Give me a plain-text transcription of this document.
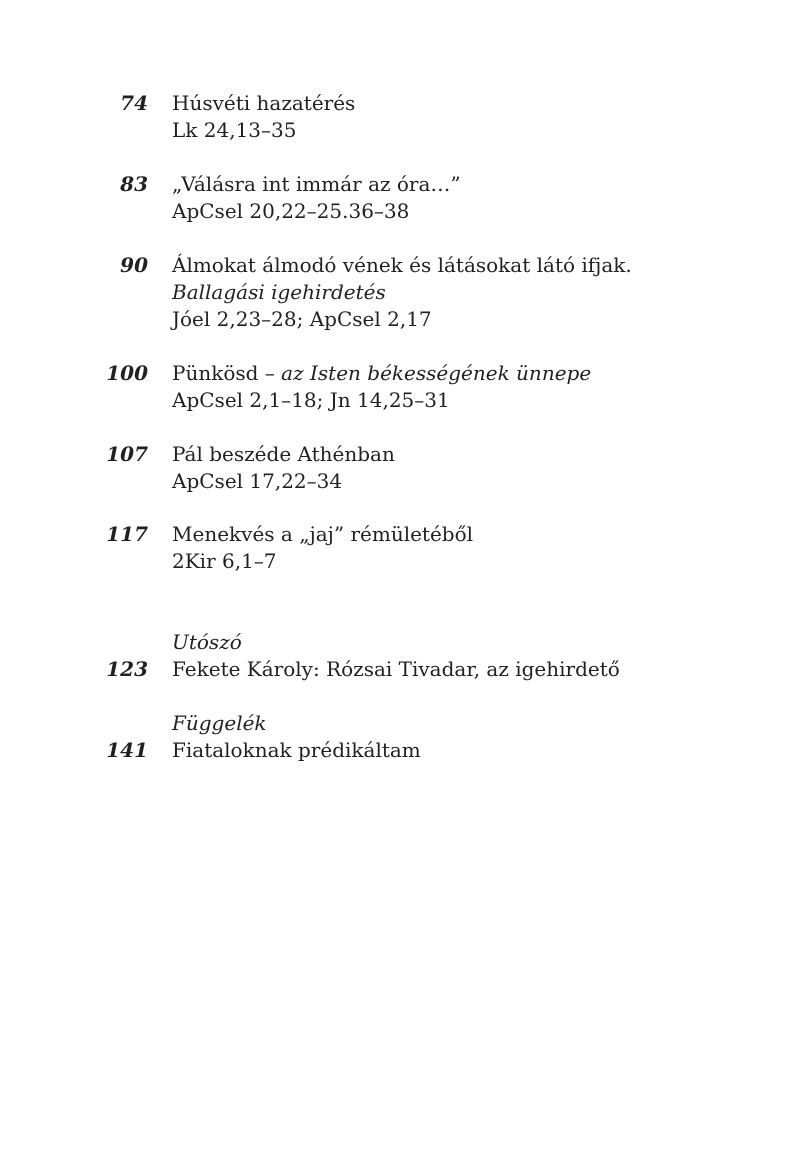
74 Húsvéti hazatérés
Lk 24,13–35
83 „Válásra int immár az óra…”
ApCsel 20,22–25.36–38
90 Álmokat álmodó vének és látásokat látó ifjak.
Ballagási igehirdetés
Jóel 2,23–28; ApCsel 2,17
100 Pünkösd – az Isten békességének ünnepe
ApCsel 2,1–18; Jn 14,25–31
107 Pál beszéde Athénban
ApCsel 17,22–34
117 Menekvés a „jaj” rémületéből
2Kir 6,1–7
Utószó
123 Fekete Károly: Rózsai Tivadar, az igehirdető
Függelék
141 Fiataloknak prédikáltam
